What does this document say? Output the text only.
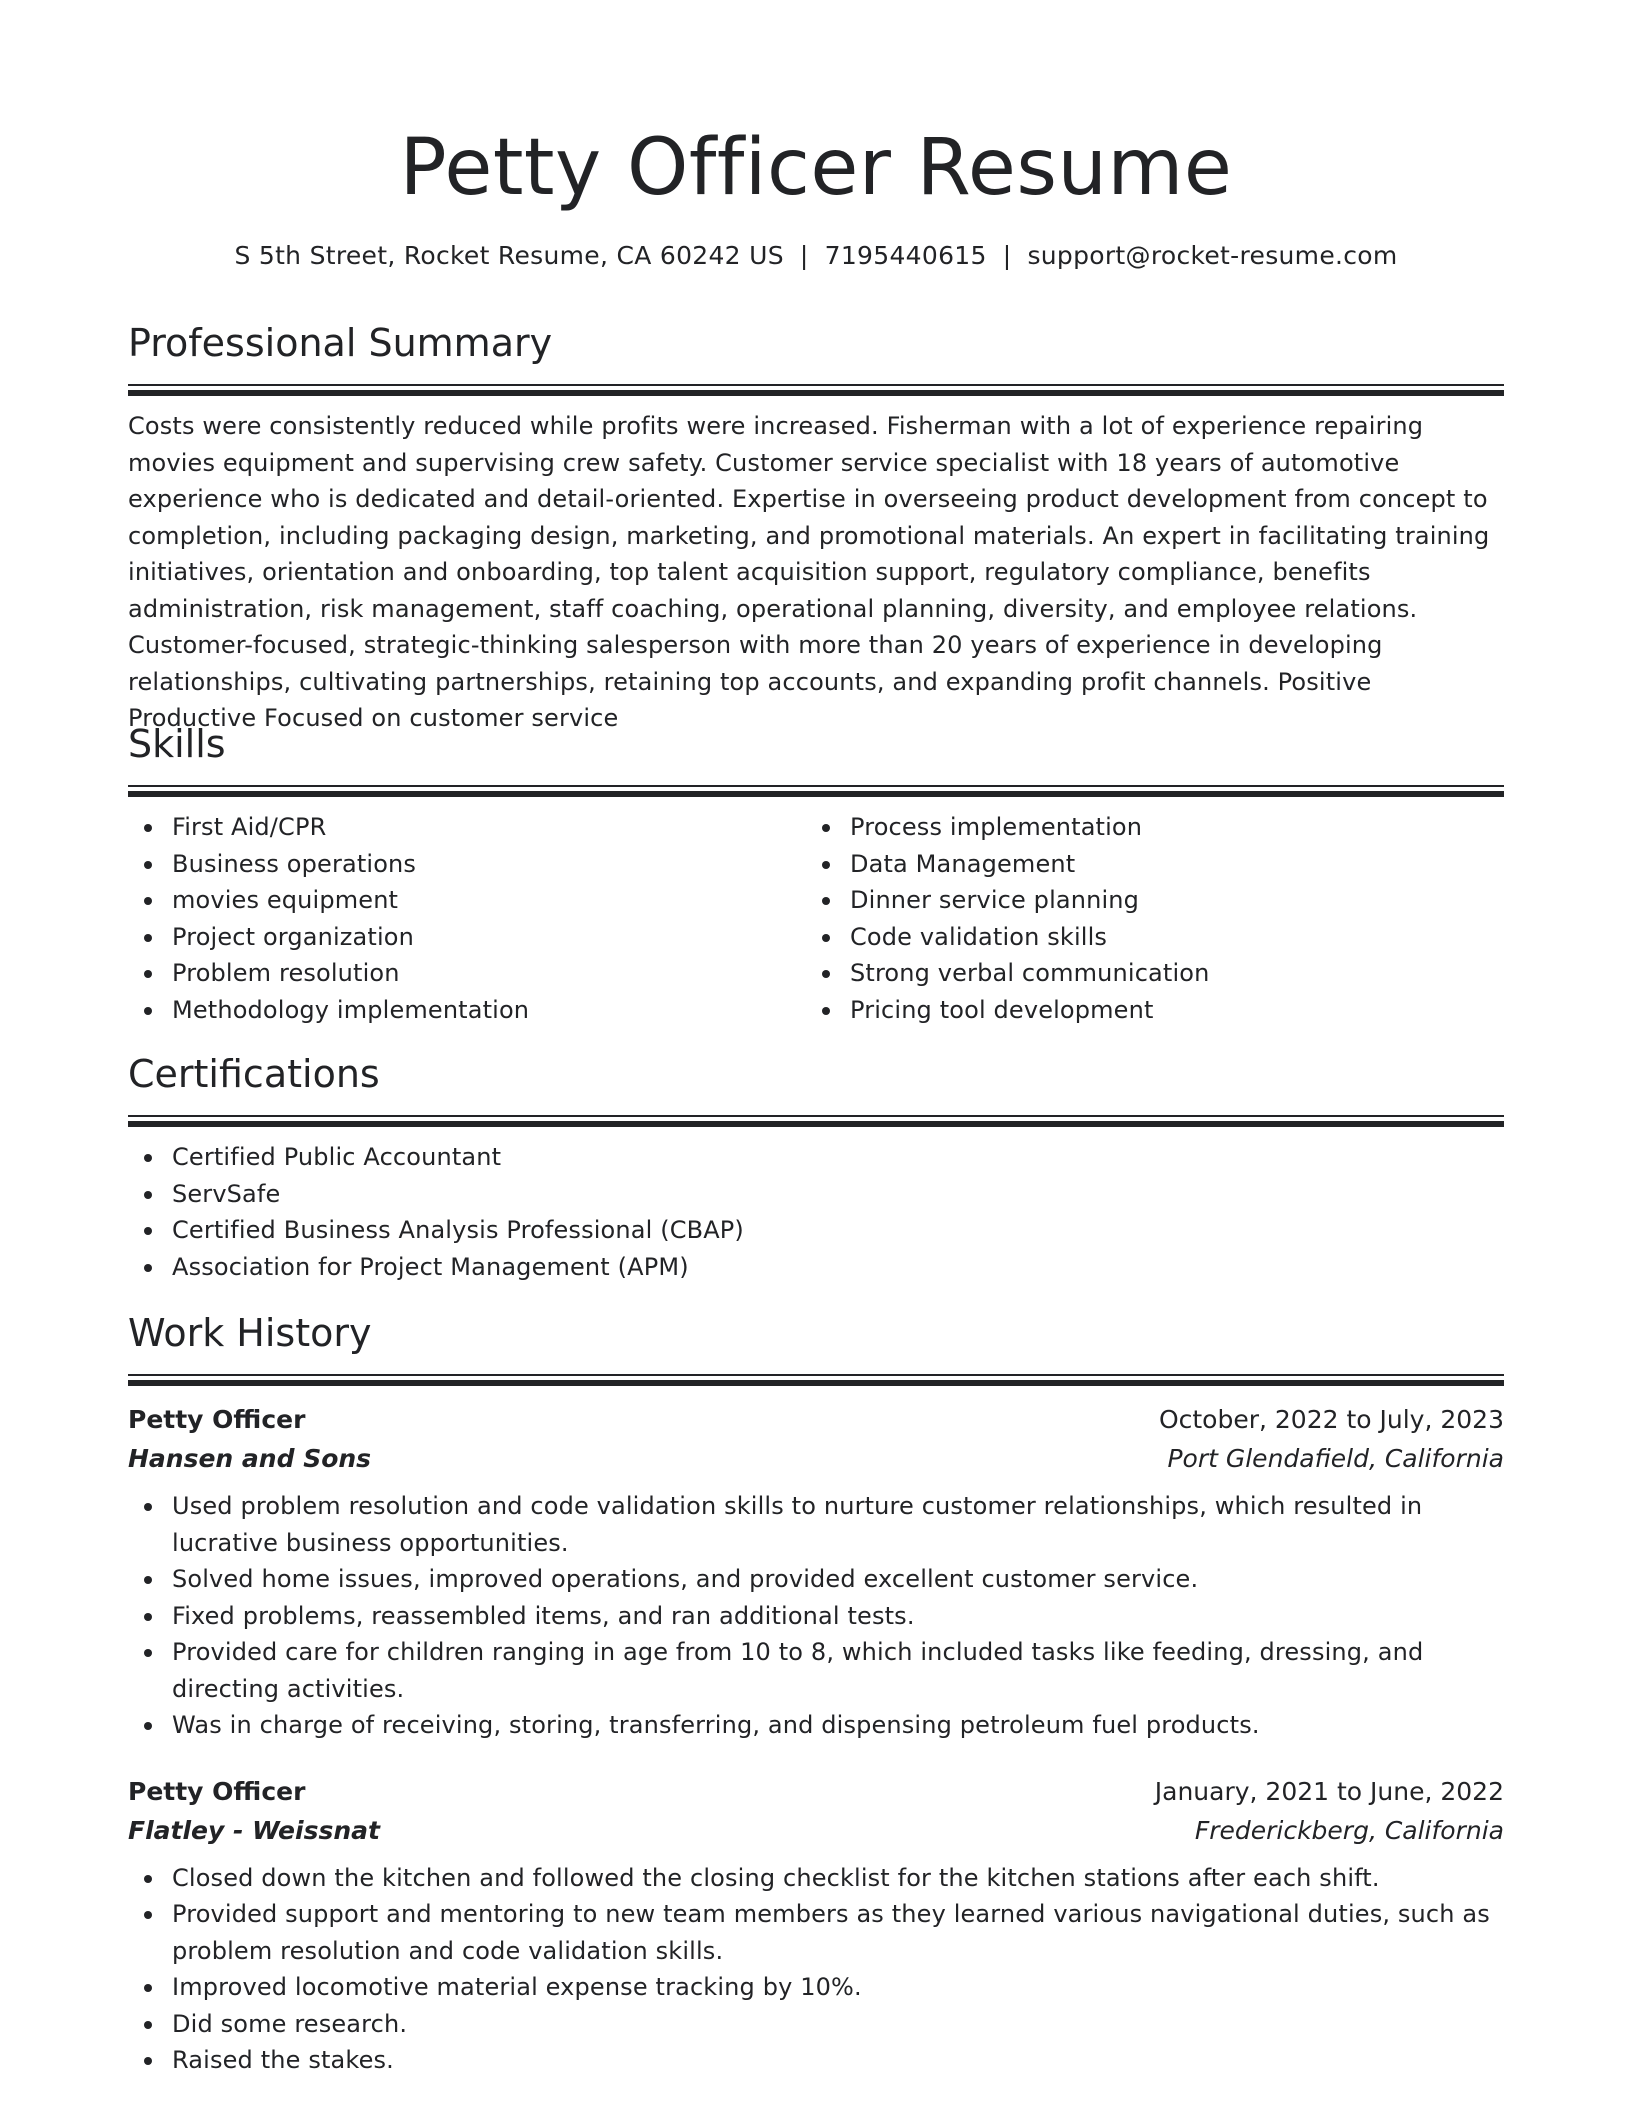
Petty Officer Resume
S 5th Street, Rocket Resume, CA 60242 US | 7195440615 | support@rocket-resume.com
Professional Summary
Costs were consistently reduced while profits were increased. Fisherman with a lot of experience repairing movies equipment and supervising crew safety. Customer service specialist with 18 years of automotive experience who is dedicated and detail-oriented. Expertise in overseeing product development from concept to completion, including packaging design, marketing, and promotional materials. An expert in facilitating training initiatives, orientation and onboarding, top talent acquisition support, regulatory compliance, benefits administration, risk management, staff coaching, operational planning, diversity, and employee relations. Customer-focused, strategic-thinking salesperson with more than 20 years of experience in developing relationships, cultivating partnerships, retaining top accounts, and expanding profit channels. Positive Productive Focused on customer service
Skills
First Aid/CPR
Business operations
movies equipment
Project organization
Problem resolution
Methodology implementation
Process implementation
Data Management
Dinner service planning
Code validation skills
Strong verbal communication
Pricing tool development
Certifications
Certified Public Accountant
ServSafe
Certified Business Analysis Professional (CBAP)
Association for Project Management (APM)
Work History
Petty Officer	October, 2022 to July, 2023
Hansen and Sons	Port Glendafield, California
Used problem resolution and code validation skills to nurture customer relationships, which resulted in lucrative business opportunities.
Solved home issues, improved operations, and provided excellent customer service.
Fixed problems, reassembled items, and ran additional tests.
Provided care for children ranging in age from 10 to 8, which included tasks like feeding, dressing, and directing activities.
Was in charge of receiving, storing, transferring, and dispensing petroleum fuel products.
Petty Officer	January, 2021 to June, 2022
Flatley - Weissnat	Frederickberg, California
Closed down the kitchen and followed the closing checklist for the kitchen stations after each shift.
Provided support and mentoring to new team members as they learned various navigational duties, such as problem resolution and code validation skills.
Improved locomotive material expense tracking by 10%.
Did some research.
Raised the stakes.
